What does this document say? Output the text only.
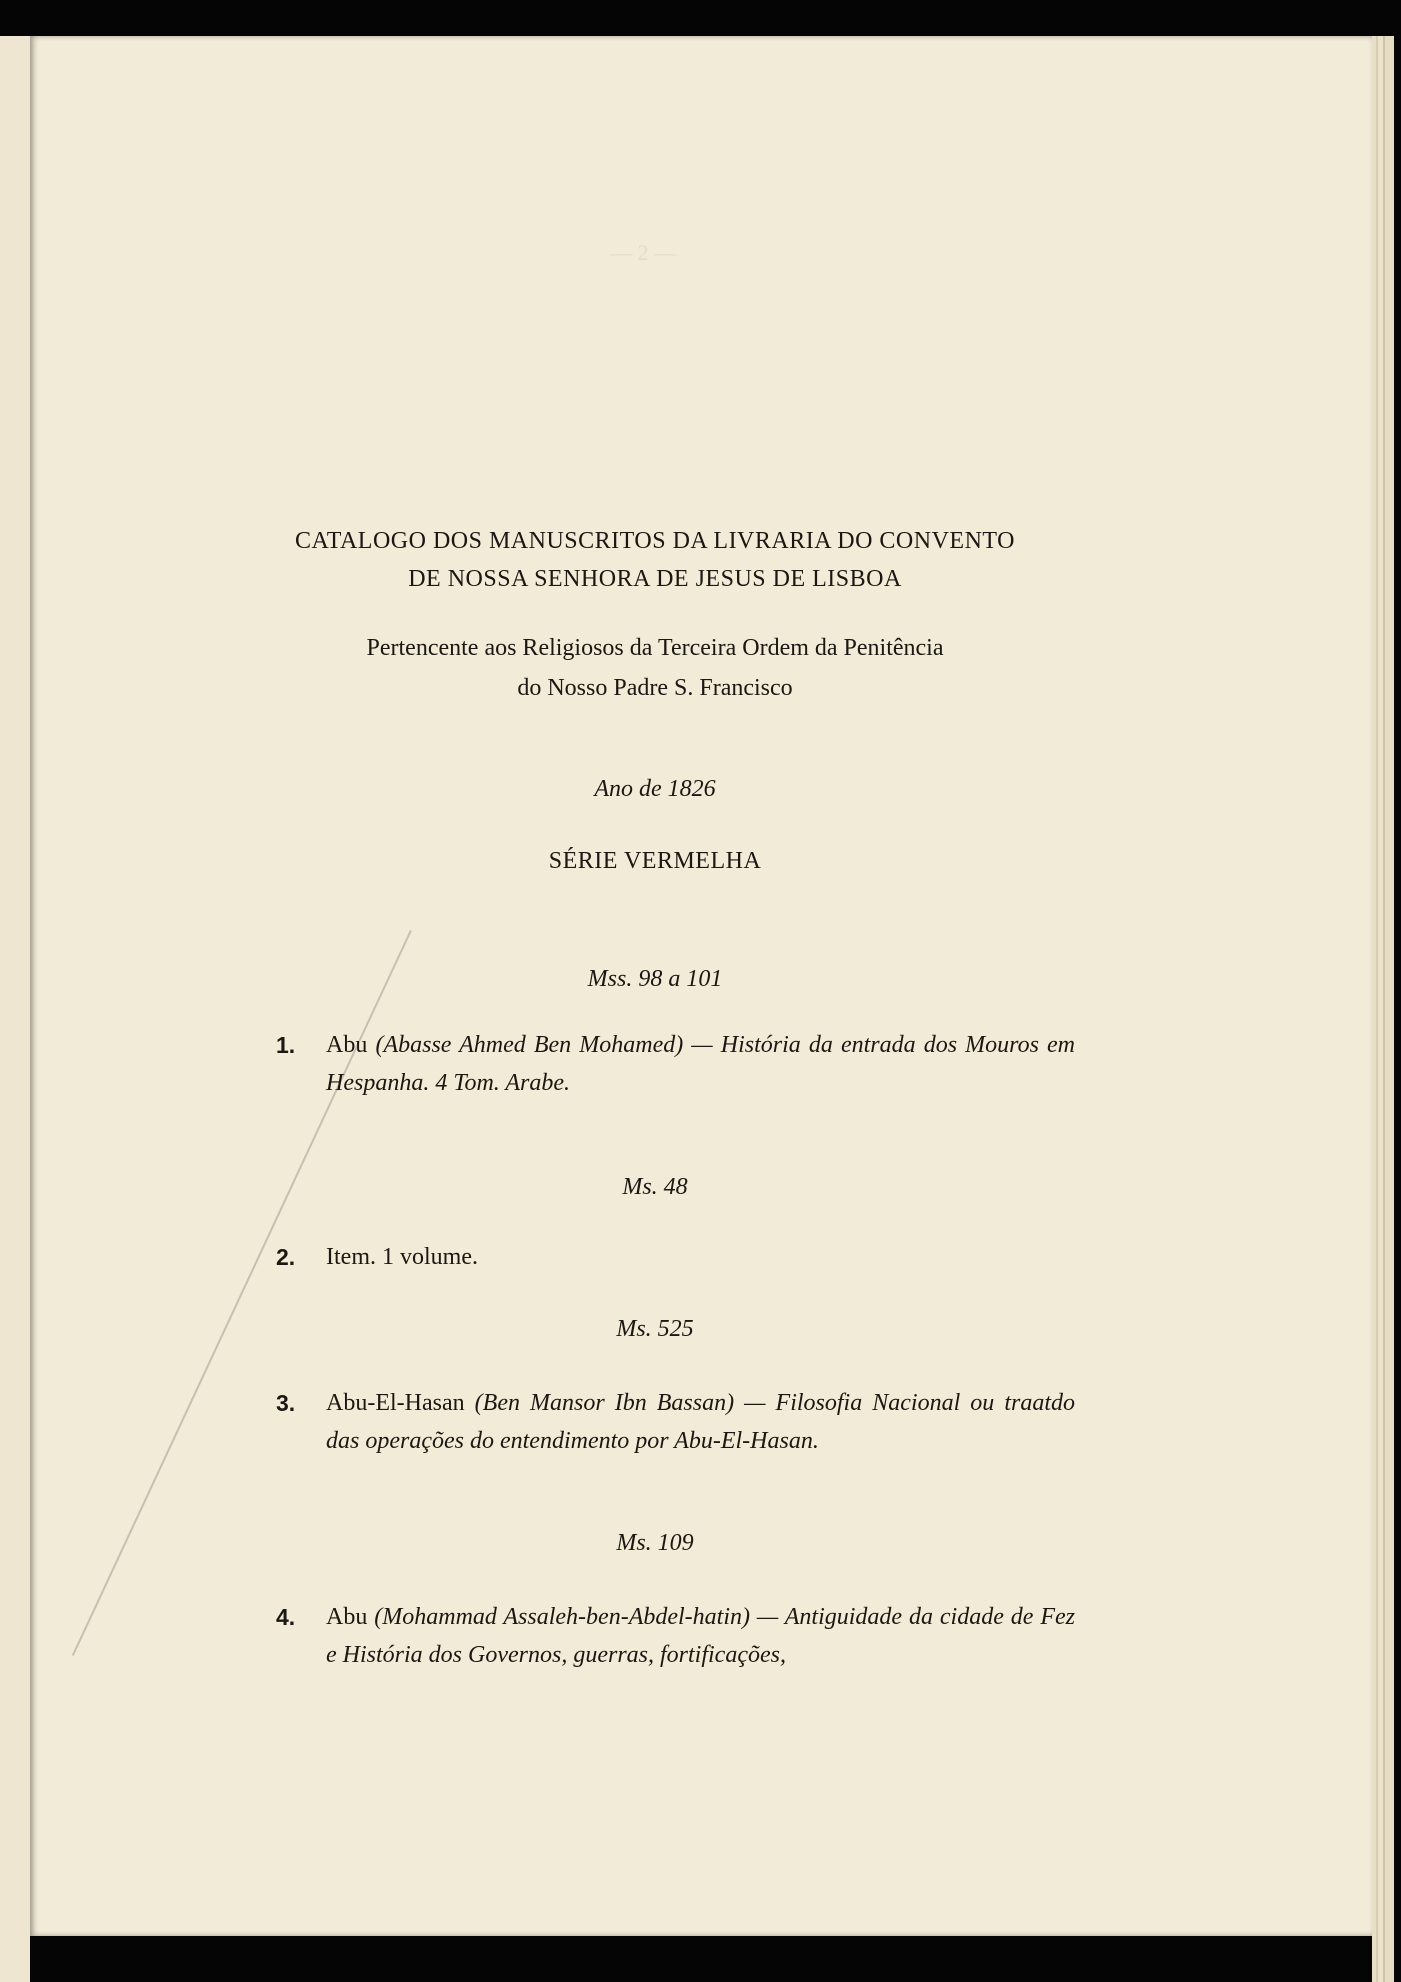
— 2 —
CATALOGO DOS MANUSCRITOS DA LIVRARIA DO CONVENTO
DE NOSSA SENHORA DE JESUS DE LISBOA
Pertencente aos Religiosos da Terceira Ordem da Penitência
do Nosso Padre S. Francisco
Ano de 1826
SÉRIE VERMELHA
Mss. 98 a 101
1. Abu (Abasse Ahmed Ben Mohamed) — História da entrada dos Mouros em Hespanha. 4 Tom. Arabe.
Ms. 48
2. Item. 1 volume.
Ms. 525
3. Abu-El-Hasan (Ben Mansor Ibn Bassan) — Filosofia Nacional ou traatdo das operações do entendimento por Abu-El-Hasan.
Ms. 109
4. Abu (Mohammad Assaleh-ben-Abdel-hatin) — Antiguidade da cidade de Fez e História dos Governos, guerras, fortificações,
